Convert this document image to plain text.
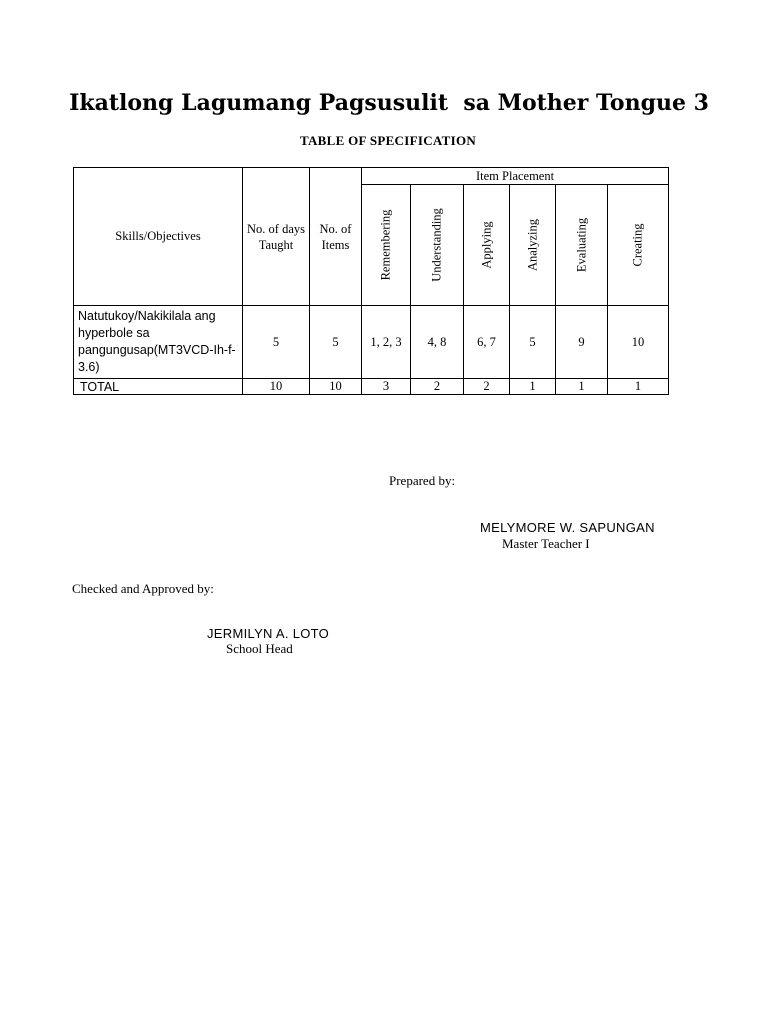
Ikatlong Lagumang Pagsusulit  sa Mother Tongue 3
TABLE OF SPECIFICATION
Skills/Objectives	No. of days Taught	No. of Items	Item Placement					

			Remembering	Understanding	Applying	Analyzing	Evaluating	Creating

Natutukoy/Nakikilala ang hyperbole sa pangungusap(MT3VCD-Ih-f-3.6)	5	5	1, 2, 3	4, 8	6, 7	5	9	10
TOTAL	10	10	3	2	2	1	1	1
Prepared by:
MELYMORE W. SAPUNGAN
Master Teacher I
Checked and Approved by:
JERMILYN A. LOTO
School Head
